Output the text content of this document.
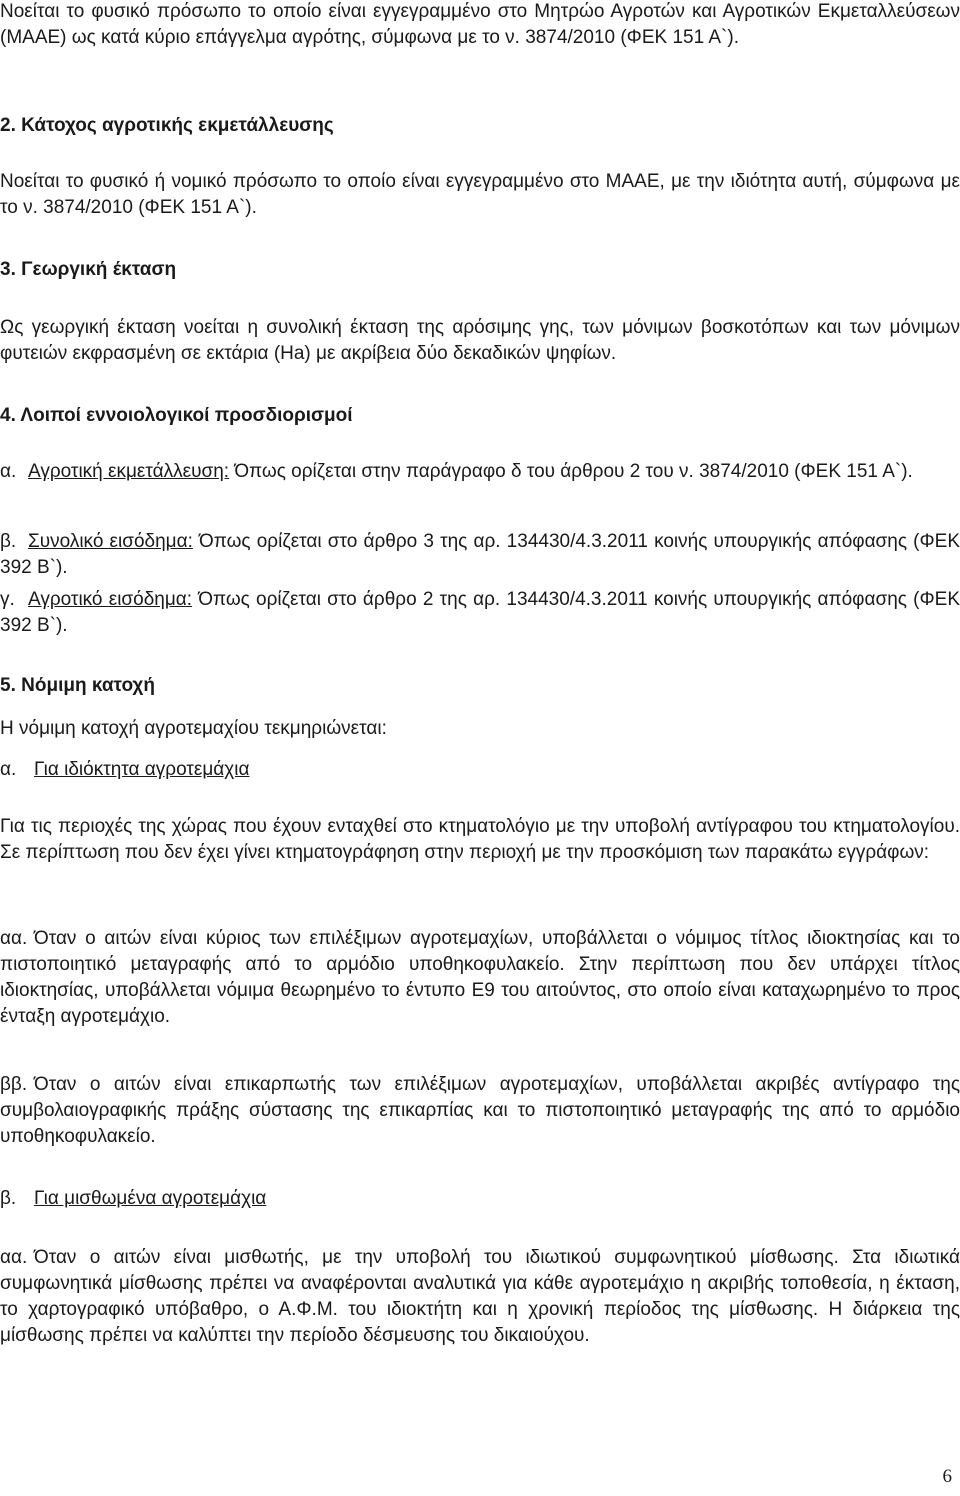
Νοείται το φυσικό πρόσωπο το οποίο είναι εγγεγραμμένο στο Μητρώο Αγροτών και Αγροτικών Εκμεταλλεύσεων (ΜΑΑΕ) ως κατά κύριο επάγγελμα αγρότης, σύμφωνα με το ν. 3874/2010 (ΦΕΚ 151 Α`).

2. Κάτοχος αγροτικής εκμετάλλευσης

Νοείται το φυσικό ή νομικό πρόσωπο το οποίο είναι εγγεγραμμένο στο ΜΑΑΕ, με την ιδιότητα αυτή, σύμφωνα με το ν. 3874/2010 (ΦΕΚ 151 Α`).

3. Γεωργική έκταση

Ως γεωργική έκταση νοείται η συνολική έκταση της αρόσιμης γης, των μόνιμων βοσκοτόπων και των μόνιμων φυτειών εκφρασμένη σε εκτάρια (Ha) με ακρίβεια δύο δεκαδικών ψηφίων.

4. Λοιποί εννοιολογικοί προσδιορισμοί

α. Αγροτική εκμετάλλευση: Όπως ορίζεται στην παράγραφο δ του άρθρου 2 του ν. 3874/2010 (ΦΕΚ 151 Α`).

β. Συνολικό εισόδημα: Όπως ορίζεται στο άρθρο 3 της αρ. 134430/4.3.2011 κοινής υπουργικής απόφασης (ΦΕΚ 392 Β`).

γ. Αγροτικό εισόδημα: Όπως ορίζεται στο άρθρο 2 της αρ. 134430/4.3.2011 κοινής υπουργικής απόφασης (ΦΕΚ 392 Β`).

5. Νόμιμη κατοχή
Η νόμιμη κατοχή αγροτεμαχίου τεκμηριώνεται:
α. Για ιδιόκτητα αγροτεμάχια

Για τις περιοχές της χώρας που έχουν ενταχθεί στο κτηματολόγιο με την υποβολή αντίγραφου του κτηματολογίου. Σε περίπτωση που δεν έχει γίνει κτηματογράφηση στην περιοχή με την προσκόμιση των παρακάτω εγγράφων:

αα. Όταν ο αιτών είναι κύριος των επιλέξιμων αγροτεμαχίων, υποβάλλεται ο νόμιμος τίτλος ιδιοκτησίας και το πιστοποιητικό μεταγραφής από το αρμόδιο υποθηκοφυλακείο. Στην περίπτωση που δεν υπάρχει τίτλος ιδιοκτησίας, υποβάλλεται νόμιμα θεωρημένο το έντυπο Ε9 του αιτούντος, στο οποίο είναι καταχωρημένο το προς ένταξη αγροτεμάχιο.

ββ. Όταν ο αιτών είναι επικαρπωτής των επιλέξιμων αγροτεμαχίων, υποβάλλεται ακριβές αντίγραφο της συμβολαιογραφικής πράξης σύστασης της επικαρπίας και το πιστοποιητικό μεταγραφής της από το αρμόδιο υποθηκοφυλακείο.

β. Για μισθωμένα αγροτεμάχια

αα. Όταν ο αιτών είναι μισθωτής, με την υποβολή του ιδιωτικού συμφωνητικού μίσθωσης. Στα ιδιωτικά συμφωνητικά μίσθωσης πρέπει να αναφέρονται αναλυτικά για κάθε αγροτεμάχιο η ακριβής τοποθεσία, η έκταση, το χαρτογραφικό υπόβαθρο, ο Α.Φ.Μ. του ιδιοκτήτη και η χρονική περίοδος της μίσθωσης. Η διάρκεια της μίσθωσης πρέπει να καλύπτει την περίοδο δέσμευσης του δικαιούχου.

6
